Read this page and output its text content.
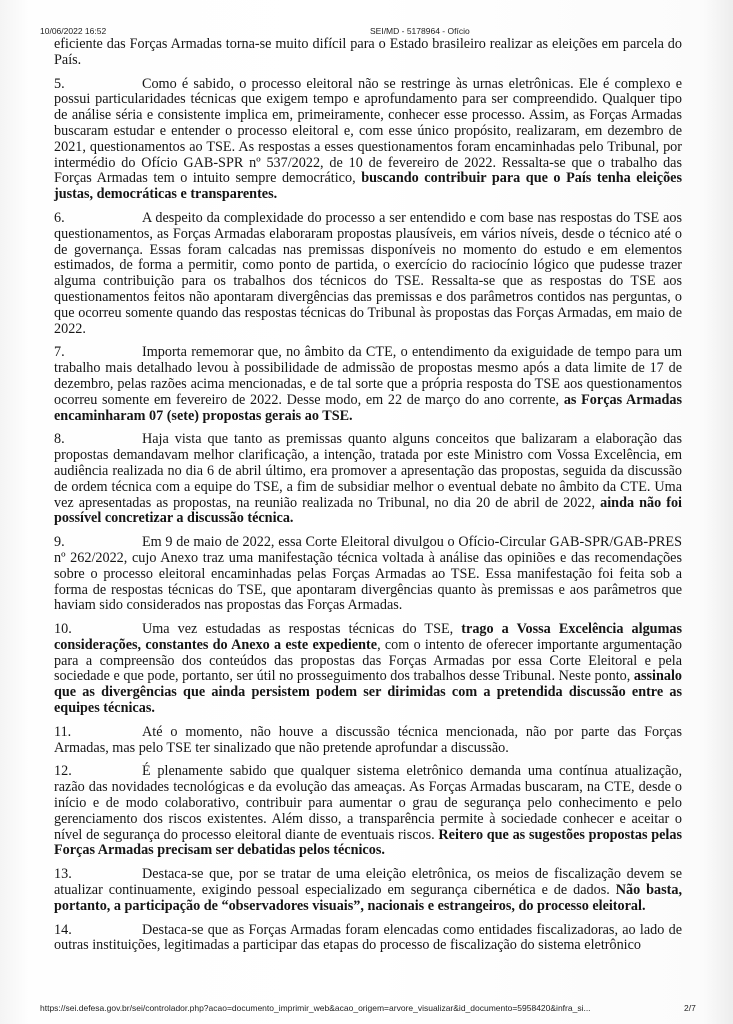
10/06/2022 16:52	SEI/MD - 5178964 - Ofício

eficiente das Forças Armadas torna-se muito difícil para o Estado brasileiro realizar as eleições em parcela do País.

5.	Como é sabido, o processo eleitoral não se restringe às urnas eletrônicas. Ele é complexo e possui particularidades técnicas que exigem tempo e aprofundamento para ser compreendido. Qualquer tipo de análise séria e consistente implica em, primeiramente, conhecer esse processo. Assim, as Forças Armadas buscaram estudar e entender o processo eleitoral e, com esse único propósito, realizaram, em dezembro de 2021, questionamentos ao TSE. As respostas a esses questionamentos foram encaminhadas pelo Tribunal, por intermédio do Ofício GAB-SPR nº 537/2022, de 10 de fevereiro de 2022. Ressalta-se que o trabalho das Forças Armadas tem o intuito sempre democrático, buscando contribuir para que o País tenha eleições justas, democráticas e transparentes.

6.	A despeito da complexidade do processo a ser entendido e com base nas respostas do TSE aos questionamentos, as Forças Armadas elaboraram propostas plausíveis, em vários níveis, desde o técnico até o de governança. Essas foram calcadas nas premissas disponíveis no momento do estudo e em elementos estimados, de forma a permitir, como ponto de partida, o exercício do raciocínio lógico que pudesse trazer alguma contribuição para os trabalhos dos técnicos do TSE. Ressalta-se que as respostas do TSE aos questionamentos feitos não apontaram divergências das premissas e dos parâmetros contidos nas perguntas, o que ocorreu somente quando das respostas técnicas do Tribunal às propostas das Forças Armadas, em maio de 2022.

7.	Importa rememorar que, no âmbito da CTE, o entendimento da exiguidade de tempo para um trabalho mais detalhado levou à possibilidade de admissão de propostas mesmo após a data limite de 17 de dezembro, pelas razões acima mencionadas, e de tal sorte que a própria resposta do TSE aos questionamentos ocorreu somente em fevereiro de 2022. Desse modo, em 22 de março do ano corrente, as Forças Armadas encaminharam 07 (sete) propostas gerais ao TSE.

8.	Haja vista que tanto as premissas quanto alguns conceitos que balizaram a elaboração das propostas demandavam melhor clarificação, a intenção, tratada por este Ministro com Vossa Excelência, em audiência realizada no dia 6 de abril último, era promover a apresentação das propostas, seguida da discussão de ordem técnica com a equipe do TSE, a fim de subsidiar melhor o eventual debate no âmbito da CTE. Uma vez apresentadas as propostas, na reunião realizada no Tribunal, no dia 20 de abril de 2022, ainda não foi possível concretizar a discussão técnica.

9.	Em 9 de maio de 2022, essa Corte Eleitoral divulgou o Ofício-Circular GAB-SPR/GAB-PRES nº 262/2022, cujo Anexo traz uma manifestação técnica voltada à análise das opiniões e das recomendações sobre o processo eleitoral encaminhadas pelas Forças Armadas ao TSE. Essa manifestação foi feita sob a forma de respostas técnicas do TSE, que apontaram divergências quanto às premissas e aos parâmetros que haviam sido considerados nas propostas das Forças Armadas.

10.	Uma vez estudadas as respostas técnicas do TSE, trago a Vossa Excelência algumas considerações, constantes do Anexo a este expediente, com o intento de oferecer importante argumentação para a compreensão dos conteúdos das propostas das Forças Armadas por essa Corte Eleitoral e pela sociedade e que pode, portanto, ser útil no prosseguimento dos trabalhos desse Tribunal. Neste ponto, assinalo que as divergências que ainda persistem podem ser dirimidas com a pretendida discussão entre as equipes técnicas.

11.	Até o momento, não houve a discussão técnica mencionada, não por parte das Forças Armadas, mas pelo TSE ter sinalizado que não pretende aprofundar a discussão.

12.	É plenamente sabido que qualquer sistema eletrônico demanda uma contínua atualização, razão das novidades tecnológicas e da evolução das ameaças. As Forças Armadas buscaram, na CTE, desde o início e de modo colaborativo, contribuir para aumentar o grau de segurança pelo conhecimento e pelo gerenciamento dos riscos existentes. Além disso, a transparência permite à sociedade conhecer e aceitar o nível de segurança do processo eleitoral diante de eventuais riscos. Reitero que as sugestões propostas pelas Forças Armadas precisam ser debatidas pelos técnicos.

13.	Destaca-se que, por se tratar de uma eleição eletrônica, os meios de fiscalização devem se atualizar continuamente, exigindo pessoal especializado em segurança cibernética e de dados. Não basta, portanto, a participação de “observadores visuais”, nacionais e estrangeiros, do processo eleitoral.

14.	Destaca-se que as Forças Armadas foram elencadas como entidades fiscalizadoras, ao lado de outras instituições, legitimadas a participar das etapas do processo de fiscalização do sistema eletrônico

https://sei.defesa.gov.br/sei/controlador.php?acao=documento_imprimir_web&acao_origem=arvore_visualizar&id_documento=5958420&infra_si...	2/7
